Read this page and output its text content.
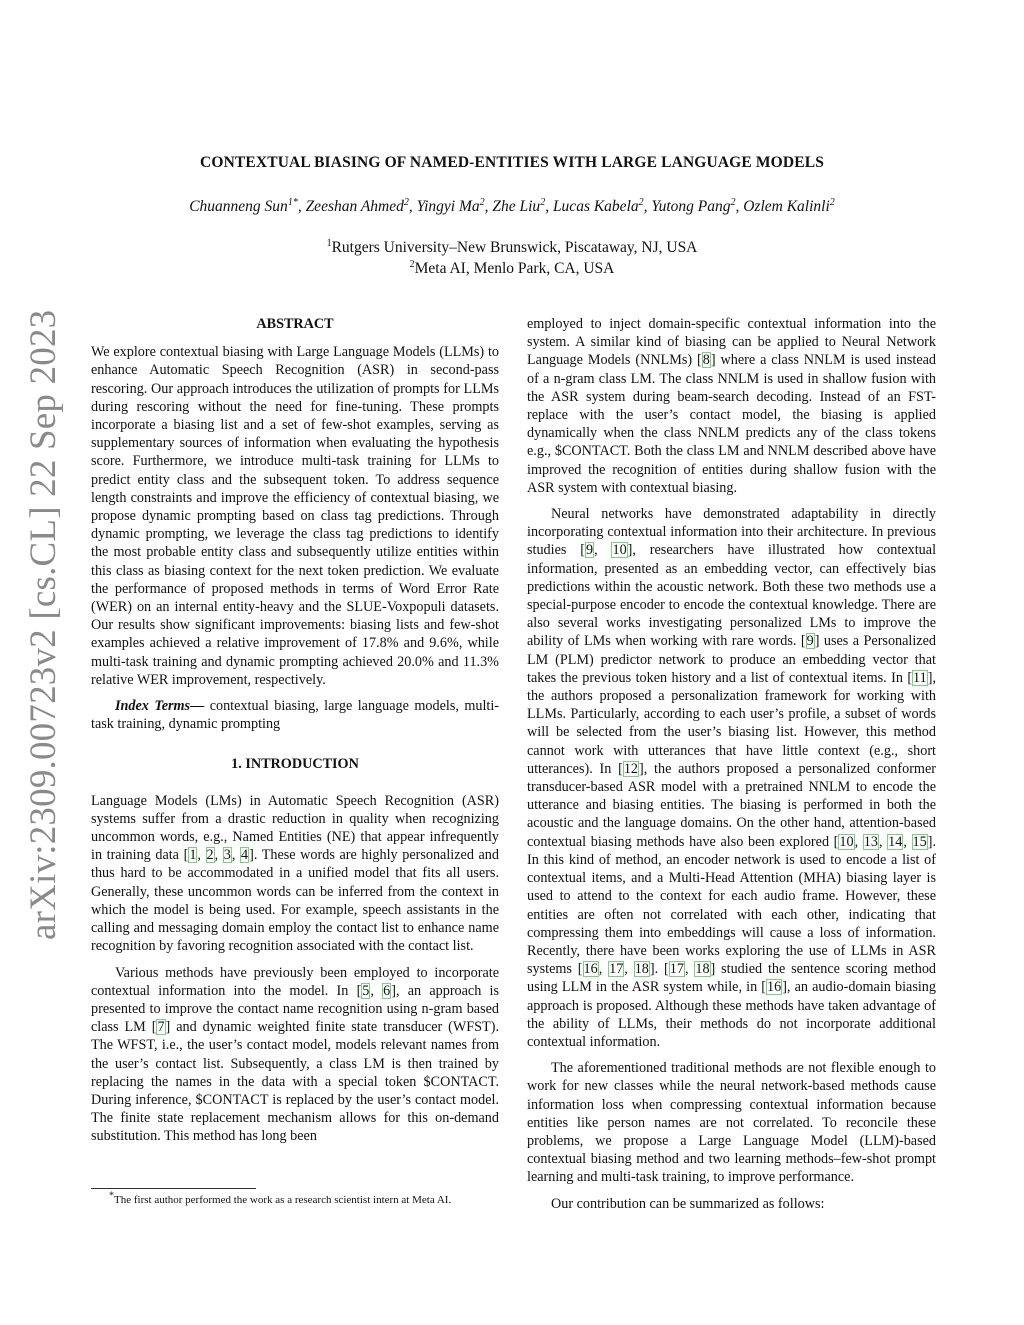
arXiv:2309.00723v2 [cs.CL] 22 Sep 2023
CONTEXTUAL BIASING OF NAMED-ENTITIES WITH LARGE LANGUAGE MODELS
Chuanneng Sun$^{1*}$, Zeeshan Ahmed$^2$, Yingyi Ma$^2$, Zhe Liu$^2$, Lucas Kabela$^2$, Yutong Pang$^2$, Ozlem Kalinli$^2$
$^1$Rutgers University–New Brunswick, Piscataway, NJ, USA
$^2$Meta AI, Menlo Park, CA, USA
ABSTRACT

We explore contextual biasing with Large Language Models (LLMs) to enhance Automatic Speech Recognition (ASR) in second-pass rescoring. Our approach introduces the utilization of prompts for LLMs during rescoring without the need for fine-tuning. These prompts incorporate a biasing list and a set of few-shot examples, serving as supplementary sources of information when evaluating the hypothesis score. Furthermore, we introduce multi-task training for LLMs to predict entity class and the subsequent token. To address sequence length constraints and improve the efficiency of contextual biasing, we propose dynamic prompting based on class tag predictions. Through dynamic prompting, we leverage the class tag predictions to identify the most probable entity class and subsequently utilize entities within this class as biasing context for the next token prediction. We evaluate the performance of proposed methods in terms of Word Error Rate (WER) on an internal entity-heavy and the SLUE-Voxpopuli datasets. Our results show significant improvements: biasing lists and few-shot examples achieved a relative improvement of 17.8% and 9.6%, while multi-task training and dynamic prompting achieved 20.0% and 11.3% relative WER improvement, respectively.

Index Terms— contextual biasing, large language models, multi-task training, dynamic prompting

1. INTRODUCTION

Language Models (LMs) in Automatic Speech Recognition (ASR) systems suffer from a drastic reduction in quality when recognizing uncommon words, e.g., Named Entities (NE) that appear infrequently in training data [1, 2, 3, 4]. These words are highly personalized and thus hard to be accommodated in a unified model that fits all users. Generally, these uncommon words can be inferred from the context in which the model is being used. For example, speech assistants in the calling and messaging domain employ the contact list to enhance name recognition by favoring recognition associated with the contact list.

Various methods have previously been employed to incorporate contextual information into the model. In [5, 6], an approach is presented to improve the contact name recognition using n-gram based class LM [7] and dynamic weighted finite state transducer (WFST). The WFST, i.e., the user’s contact model, models relevant names from the user’s contact list. Subsequently, a class LM is then trained by replacing the names in the data with a special token $CONTACT. During inference, $CONTACT is replaced by the user’s contact model. The finite state replacement mechanism allows for this on-demand substitution. This method has long been

employed to inject domain-specific contextual information into the system. A similar kind of biasing can be applied to Neural Network Language Models (NNLMs) [8] where a class NNLM is used instead of a n-gram class LM. The class NNLM is used in shallow fusion with the ASR system during beam-search decoding. Instead of an FST-replace with the user’s contact model, the biasing is applied dynamically when the class NNLM predicts any of the class tokens e.g., $CONTACT. Both the class LM and NNLM described above have improved the recognition of entities during shallow fusion with the ASR system with contextual biasing.

Neural networks have demonstrated adaptability in directly incorporating contextual information into their architecture. In previous studies [9, 10], researchers have illustrated how contextual information, presented as an embedding vector, can effectively bias predictions within the acoustic network. Both these two methods use a special-purpose encoder to encode the contextual knowledge. There are also several works investigating personalized LMs to improve the ability of LMs when working with rare words. [9] uses a Personalized LM (PLM) predictor network to produce an embedding vector that takes the previous token history and a list of contextual items. In [11], the authors proposed a personalization framework for working with LLMs. Particularly, according to each user’s profile, a subset of words will be selected from the user’s biasing list. However, this method cannot work with utterances that have little context (e.g., short utterances). In [12], the authors proposed a personalized conformer transducer-based ASR model with a pretrained NNLM to encode the utterance and biasing entities. The biasing is performed in both the acoustic and the language domains. On the other hand, attention-based contextual biasing methods have also been explored [10, 13, 14, 15]. In this kind of method, an encoder network is used to encode a list of contextual items, and a Multi-Head Attention (MHA) biasing layer is used to attend to the context for each audio frame. However, these entities are often not correlated with each other, indicating that compressing them into embeddings will cause a loss of information. Recently, there have been works exploring the use of LLMs in ASR systems [16, 17, 18]. [17, 18] studied the sentence scoring method using LLM in the ASR system while, in [16], an audio-domain biasing approach is proposed. Although these methods have taken advantage of the ability of LLMs, their methods do not incorporate additional contextual information.

The aforementioned traditional methods are not flexible enough to work for new classes while the neural network-based methods cause information loss when compressing contextual information because entities like person names are not correlated. To reconcile these problems, we propose a Large Language Model (LLM)-based contextual biasing method and two learning methods–few-shot prompt learning and multi-task training, to improve performance.

Our contribution can be summarized as follows:

*The first author performed the work as a research scientist intern at Meta AI.
